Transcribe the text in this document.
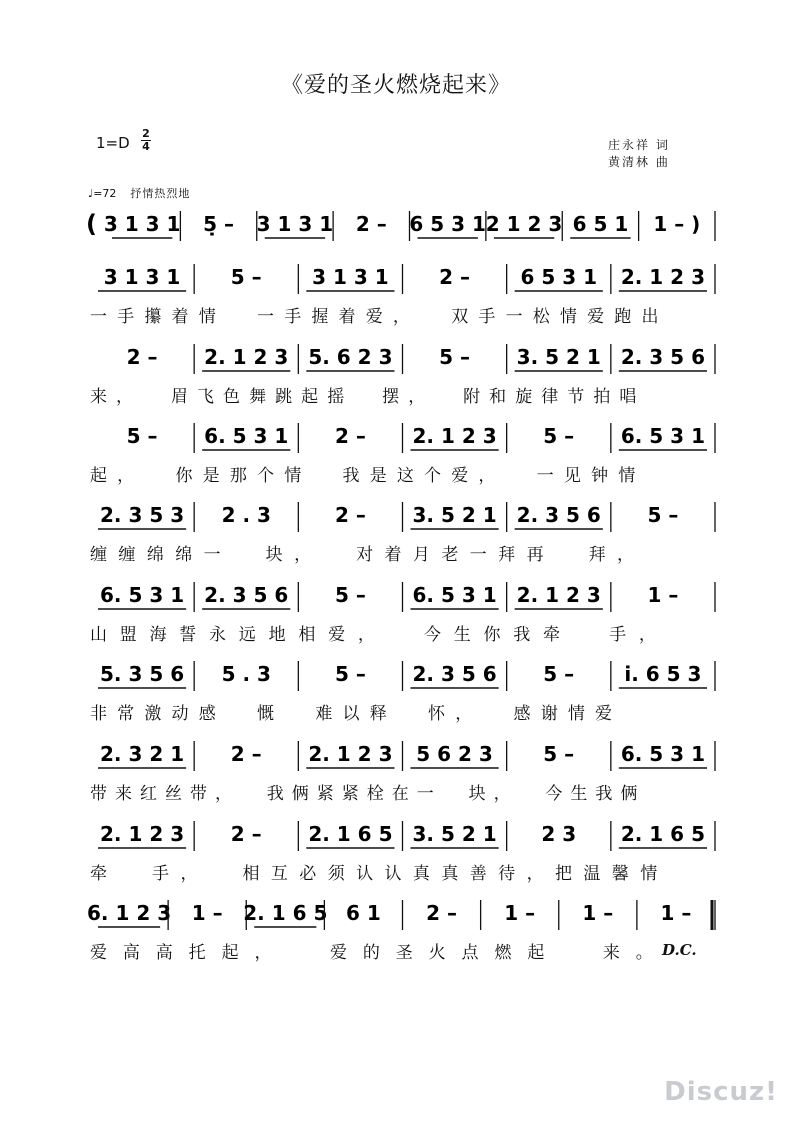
《爱的圣火燃烧起来》
1=D
2
4	庄永祥 词
黄清林 曲
♩=72 抒情热烈地
( 3 1 3 1 5̣ – 3 1 3 1 2 – 6 5 3 1 2 1 2 3 6 5 1 1 – )
3 1 3 1	5 –	3 1 3 1	2 –	6 5 3 1 2. 1 2 3
一手攥着情  一手握着爱，  双手一松情爱跑出
2 – 2. 1 2 3 5. 6 2 3 5 – 3. 5 2 1 2. 3 5 6
来，  眉飞色舞跳起摇  摆，  附和旋律节拍唱
5 – 6. 5 3 1 2 – 2. 1 2 3 5 – 6. 5 3 1
起，  你是那个情  我是这个爱，  一见钟情
2. 3 5 3 2 . 3	2 – 3. 5 2 1 2. 3 5 6 5 –
缠缠绵绵一  块，  对着月老一拜再  拜，
6. 5 3 1 2. 3 5 6 5 – 6. 5 3 1 2. 1 2 3 1 –
山盟海誓永远地相爱，  今生你我牵  手，
5. 3 5 6 5 . 3	5 – 2. 3 5 6 5 –	i. 6 5 3
非常激动感  慨  难以释  怀，  感谢情爱
2. 3 2 1 2 – 2. 1 2 3 5 6 2 3	5 – 6. 5 3 1
带来红丝带，  我俩紧紧栓在一  块，  今生我俩
2. 1 2 3 2 – 2. 1 6 5 3. 5 2 1 2 3 2. 1 6 5
牵  手，  相互必须认认真真善待，把温馨情
6. 1 2 3 1 – 2. 1 6 5 6 1 2 – 1 – 1 – 1 –
爱高高托起，  爱的圣火点燃起  来。
D.C.
Discuz!
